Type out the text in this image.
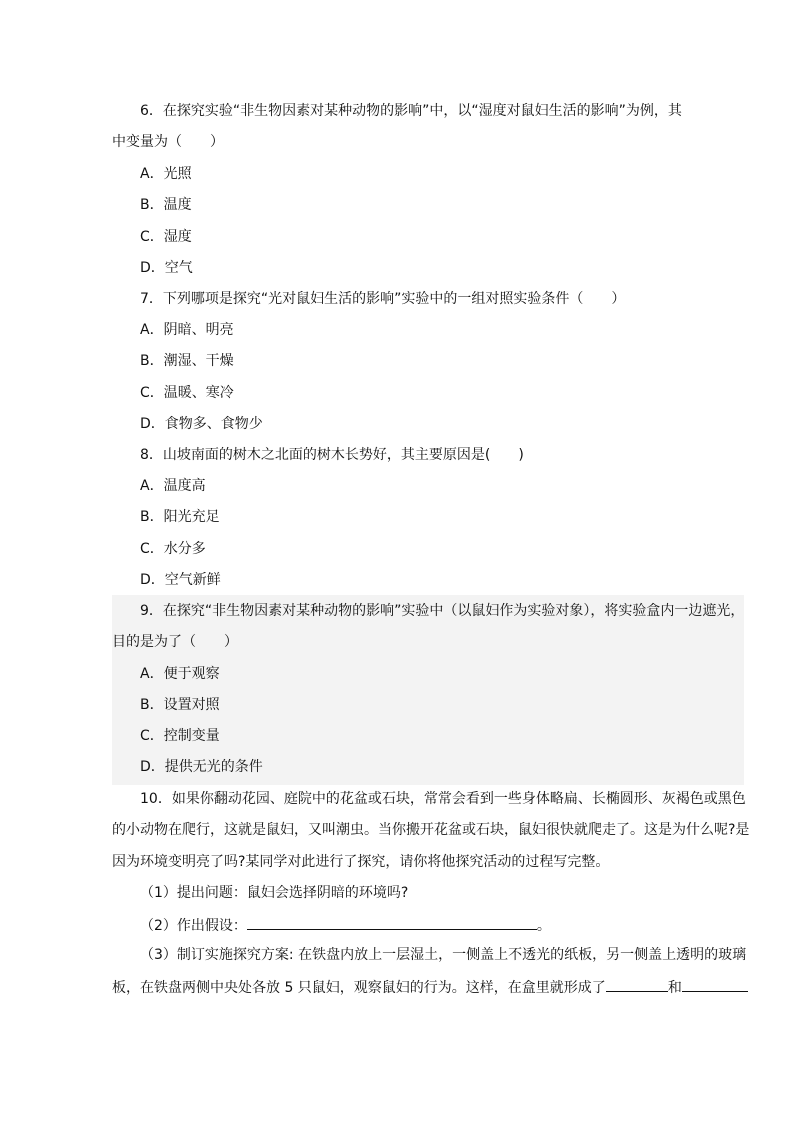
6．在探究实验“非生物因素对某种动物的影响”中，以“湿度对鼠妇生活的影响”为例，其
中变量为（　　）
A．光照
B．温度
C．湿度
D．空气
7．下列哪项是探究“光对鼠妇生活的影响”实验中的一组对照实验条件（　　）
A．阴暗、明亮
B．潮湿、干燥
C．温暖、寒冷
D．食物多、食物少
8．山坡南面的树木之北面的树木长势好，其主要原因是(　　)
A．温度高
B．阳光充足
C．水分多
D．空气新鲜
9．在探究“非生物因素对某种动物的影响”实验中（以鼠妇作为实验对象），将实验盒内一边遮光，
目的是为了（　　）
A．便于观察
B．设置对照
C．控制变量
D．提供无光的条件
10．如果你翻动花园、庭院中的花盆或石块，常常会看到一些身体略扁、长椭圆形、灰褐色或黑色
的小动物在爬行，这就是鼠妇，又叫潮虫。当你搬开花盆或石块，鼠妇很快就爬走了。这是为什么呢?是
因为环境变明亮了吗?某同学对此进行了探究，请你将他探究活动的过程写完整。
（1）提出问题：鼠妇会选择阴暗的环境吗?
（2）作出假设：	。
（3）制订实施探究方案: 在铁盘内放上一层湿土，一侧盖上不透光的纸板，另一侧盖上透明的玻璃
板，在铁盘两侧中央处各放 5 只鼠妇，观察鼠妇的行为。这样，在盒里就形成了	和
